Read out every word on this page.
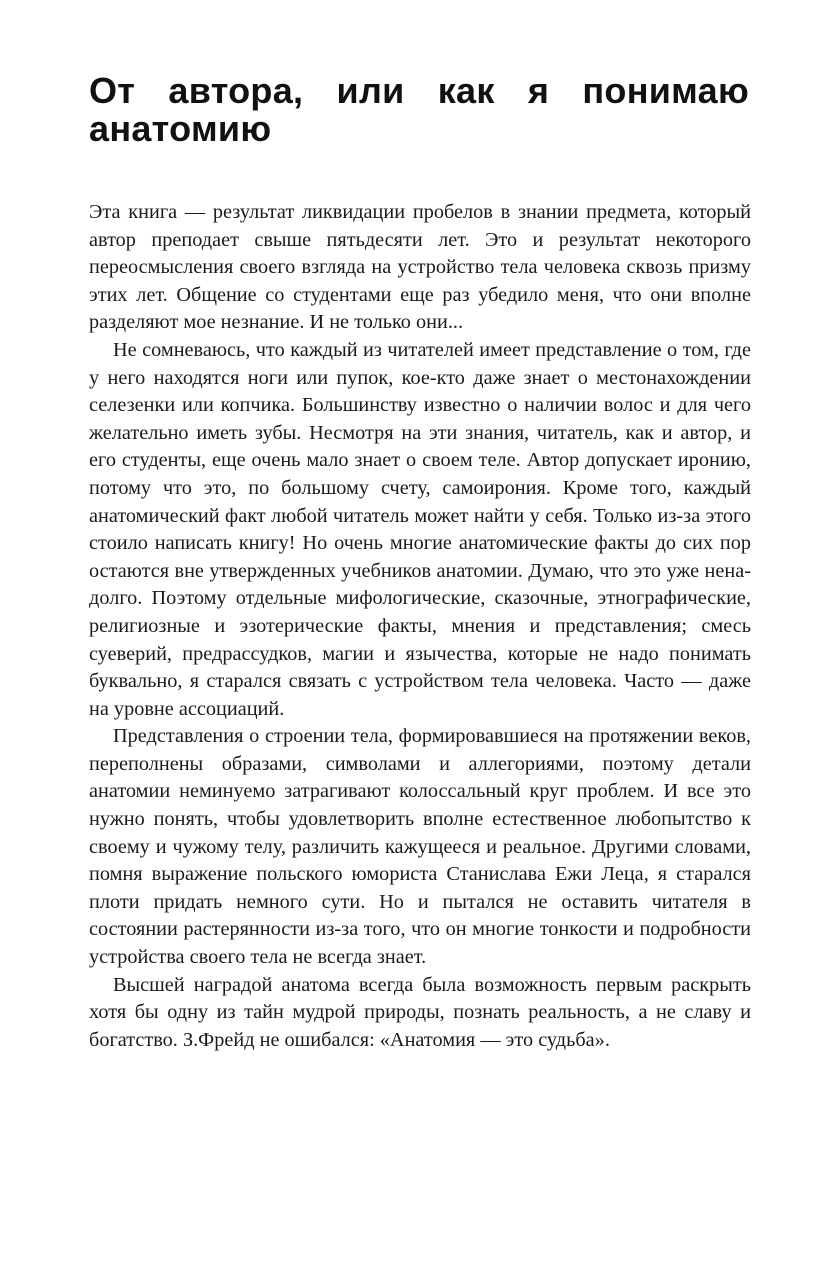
От автора, или как я понимаю
анатомию

Эта книга — результат ликвидации пробелов в знании предмета, который автор преподает свыше пятьдесяти лет. Это и результат некоторого переосмысления своего взгляда на устройство тела человека сквозь призму этих лет. Общение со студентами еще раз убедило меня, что они вполне разделяют мое незнание. И не только они...

Не сомневаюсь, что каждый из читателей имеет представление о том, где у него находятся ноги или пупок, кое-кто даже знает о местонахождении селезенки или копчика. Большинству известно о наличии волос и для чего желательно иметь зубы. Несмотря на эти знания, читатель, как и автор, и его студенты, еще очень мало знает о своем теле. Автор допускает иронию, потому что это, по большому счету, самоирония. Кроме того, каждый анатомический факт любой читатель может найти у себя. Только из-за этого стоило написать книгу! Но очень многие анатомические факты до сих пор остаются вне утвержденных учебников анатомии. Думаю, что это уже ненадолго. Поэтому отдельные мифологические, сказочные, этнографические, религиозные и эзотерические факты, мнения и представления; смесь суеверий, предрассудков, магии и язычества, которые не надо понимать буквально, я старался связать с устройством тела человека. Часто — даже на уровне ассоциаций.

Представления о строении тела, формировавшиеся на протяжении веков, переполнены образами, символами и аллегориями, поэтому детали анатомии неминуемо затрагивают колоссальный круг проблем. И все это нужно понять, чтобы удовлетворить вполне естественное любопытство к своему и чужому телу, различить кажущееся и реальное. Другими словами, помня выражение польского юмориста Станислава Ежи Леца, я старался плоти придать немного сути. Но и пытался не оставить читателя в состоянии растерянности из-за того, что он многие тонкости и подробности устройства своего тела не всегда знает.

Высшей наградой анатома всегда была возможность первым раскрыть хотя бы одну из тайн мудрой природы, познать реальность, а не славу и богатство. З.Фрейд не ошибался: «Анатомия — это судьба».
